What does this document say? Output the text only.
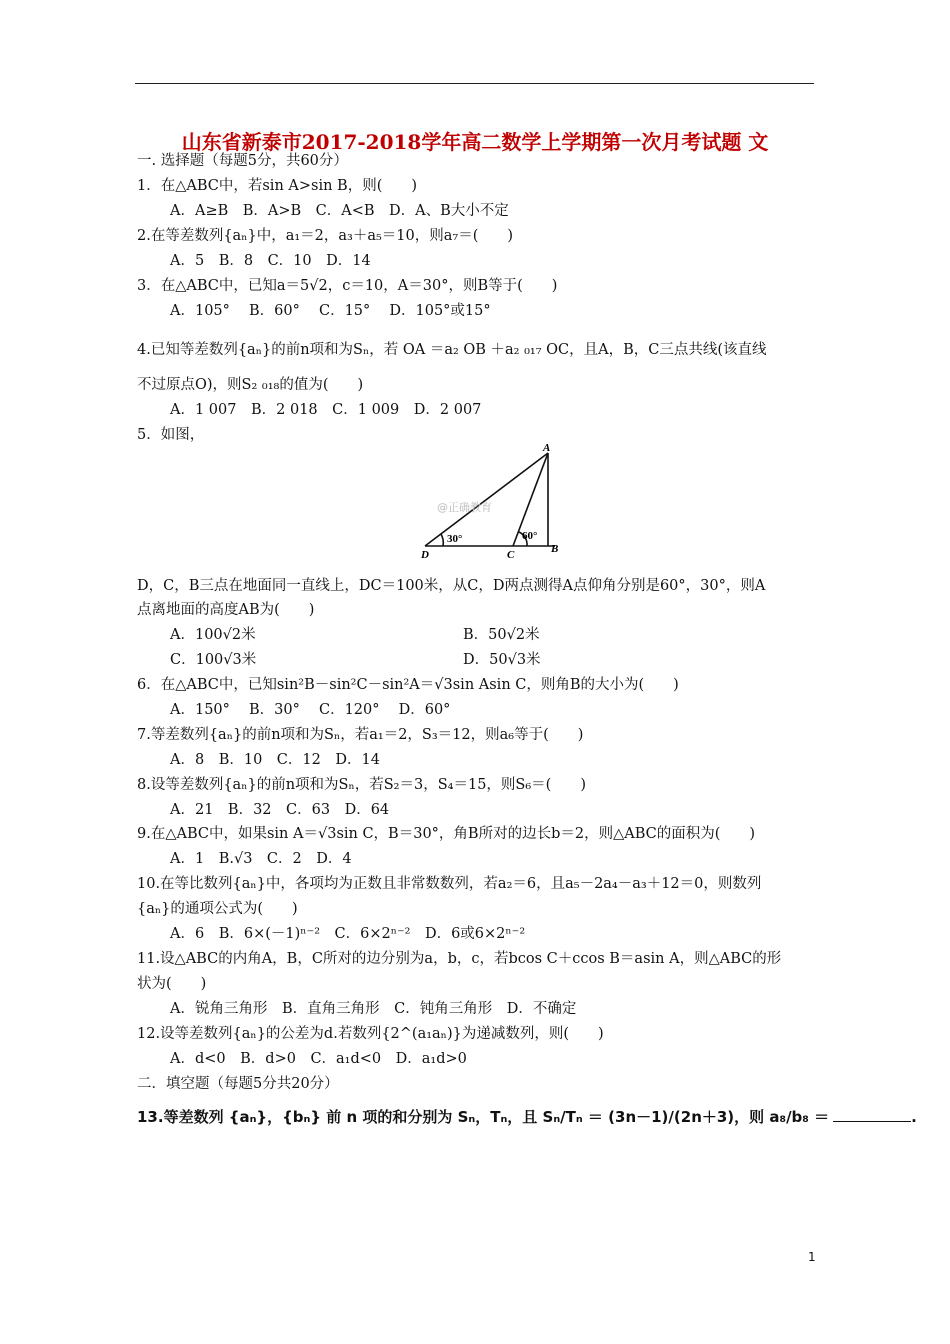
山东省新泰市2017-2018学年高二数学上学期第一次月考试题 文
一. 选择题（每题5分，共60分）
1．在△ABC中，若sin A>sin B，则(　　)
A．A≥B　B．A>B　C．A<B　D．A、B大小不定
2.在等差数列{aₙ}中，a₁＝2，a₃＋a₅＝10，则a₇＝(　　)
A．5　B．8　C．10　D．14
3．在△ABC中，已知a＝5√2，c＝10，A＝30°，则B等于(　　)
A．105°　 B．60°　 C．15°　 D．105°或15°
4.已知等差数列{aₙ}的前n项和为Sₙ，若 OA ＝a₂ OB ＋a₂ ₀₁₇ OC，且A，B，C三点共线(该直线
不过原点O)，则S₂ ₀₁₈的值为(　　)
A．1 007　B．2 018　C．1 009　D．2 007
5．如图，
A
D	C	B
30°	60°
@正确教育
D，C，B三点在地面同一直线上，DC＝100米，从C，D两点测得A点仰角分别是60°，30°，则A
点离地面的高度AB为(　　)
A．100√2米	B．50√2米
C．100√3米	D．50√3米
6．在△ABC中，已知sin²B－sin²C－sin²A＝√3sin Asin C，则角B的大小为(　　)
A．150°　 B．30°　 C．120°　 D．60°
7.等差数列{aₙ}的前n项和为Sₙ，若a₁＝2，S₃＝12，则a₆等于(　　)
A．8　B．10　C．12　D．14
8.设等差数列{aₙ}的前n项和为Sₙ，若S₂＝3，S₄＝15，则S₆＝(　　)
A．21　B．32　C．63　D．64
9.在△ABC中，如果sin A＝√3sin C，B＝30°，角B所对的边长b＝2，则△ABC的面积为(　　)
A．1　B.√3　C．2　D．4
10.在等比数列{aₙ}中，各项均为正数且非常数数列，若a₂＝6，且a₅－2a₄－a₃＋12＝0，则数列
{aₙ}的通项公式为(　　)
A．6　B．6×(－1)ⁿ⁻²　C．6×2ⁿ⁻²　D．6或6×2ⁿ⁻²
11.设△ABC的内角A，B，C所对的边分别为a，b，c，若bcos C＋ccos B＝asin A，则△ABC的形
状为(　　)
A．锐角三角形　B．直角三角形　C．钝角三角形　D．不确定
12.设等差数列{aₙ}的公差为d.若数列{2^(a₁aₙ)}为递减数列，则(　　)
A．d<0　B．d>0　C．a₁d<0　D．a₁d>0
二．填空题（每题5分共20分）
13.等差数列 {aₙ}，{bₙ} 前 n 项的和分别为 Sₙ，Tₙ，且 Sₙ/Tₙ ＝ (3n－1)/(2n＋3)，则 a₈/b₈ ＝	.
1
